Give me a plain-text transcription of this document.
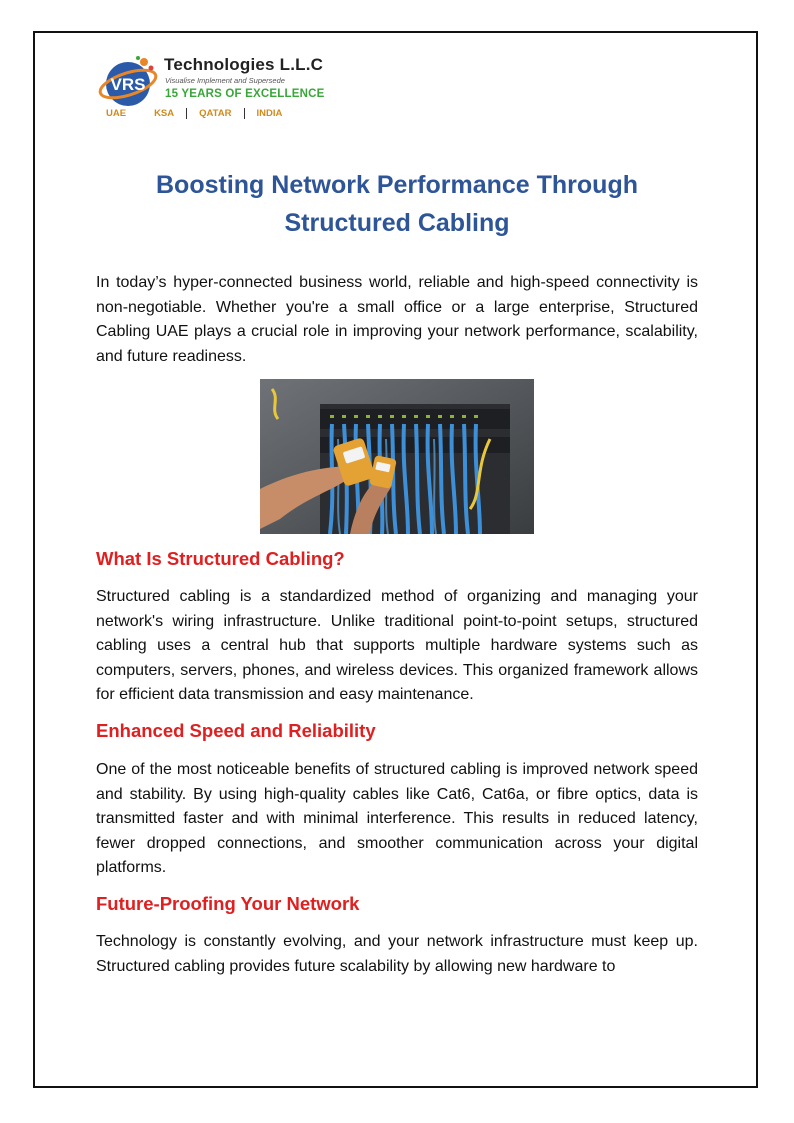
VRS
Technologies L.L.C
Visualise Implement and Supersede
15 YEARS OF EXCELLENCE
UAE	KSA	QATAR	INDIA
Boosting Network Performance Through
Structured Cabling

In today’s hyper-connected business world, reliable and high-speed connectivity is non-negotiable. Whether you're a small office or a large enterprise, Structured Cabling UAE plays a crucial role in improving your network performance, scalability, and future readiness.

What Is Structured Cabling?

Structured cabling is a standardized method of organizing and managing your network's wiring infrastructure. Unlike traditional point-to-point setups, structured cabling uses a central hub that supports multiple hardware systems such as computers, servers, phones, and wireless devices. This organized framework allows for efficient data transmission and easy maintenance.

Enhanced Speed and Reliability

One of the most noticeable benefits of structured cabling is improved network speed and stability. By using high-quality cables like Cat6, Cat6a, or fibre optics, data is transmitted faster and with minimal interference. This results in reduced latency, fewer dropped connections, and smoother communication across your digital platforms.

Future-Proofing Your Network

Technology is constantly evolving, and your network infrastructure must keep up. Structured cabling provides future scalability by allowing new hardware to
